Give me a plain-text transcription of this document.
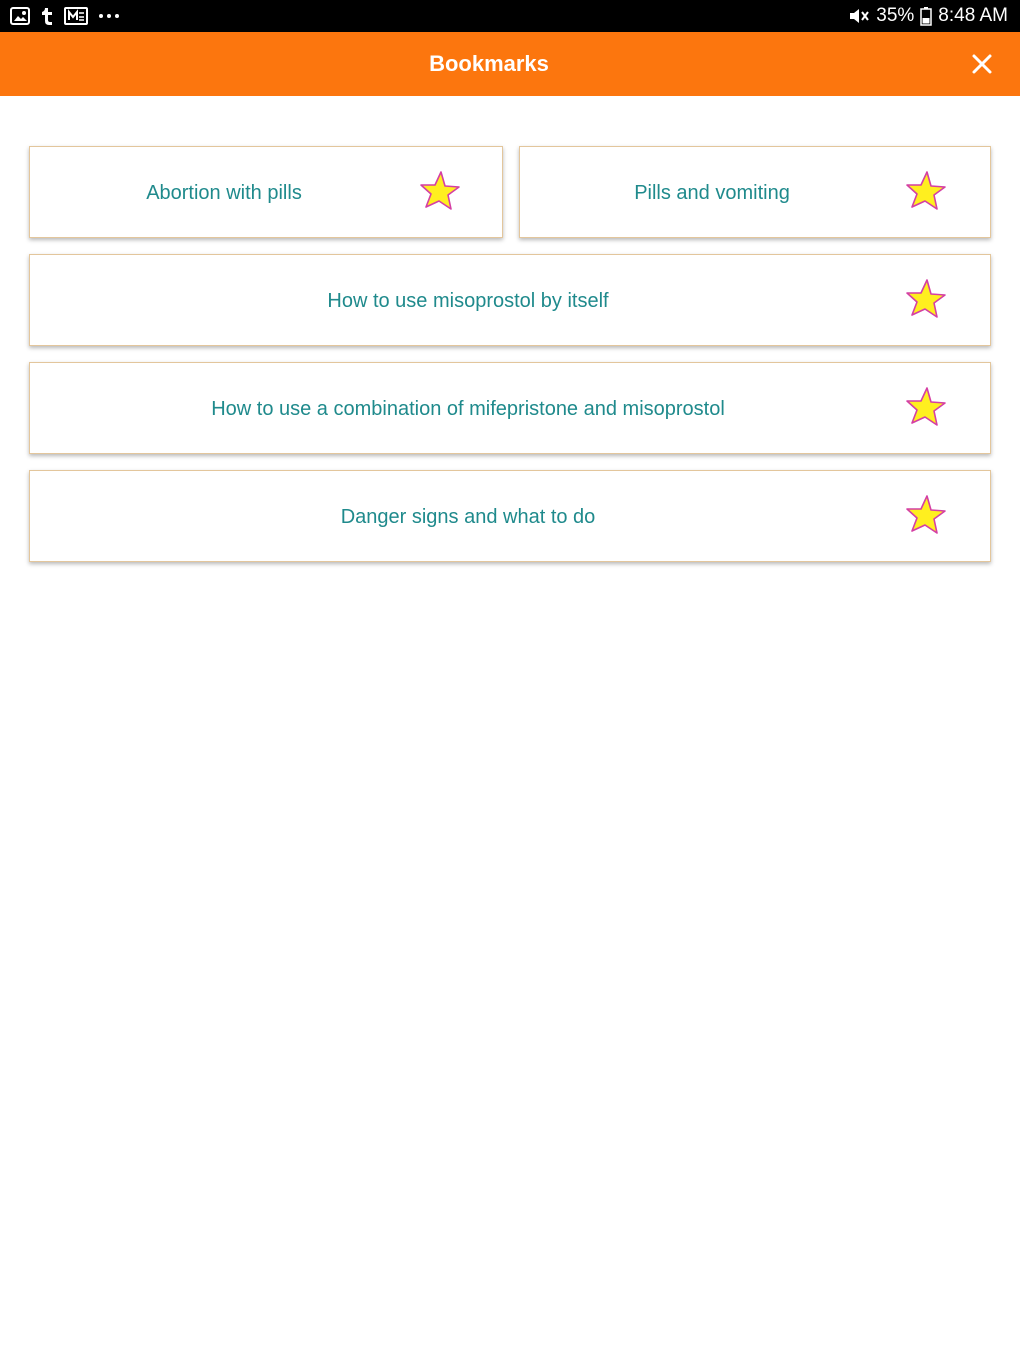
35% 8:48 AM
Bookmarks
Abortion with pills	Pills and vomiting
How to use misoprostol by itself
How to use a combination of mifepristone and misoprostol
Danger signs and what to do
